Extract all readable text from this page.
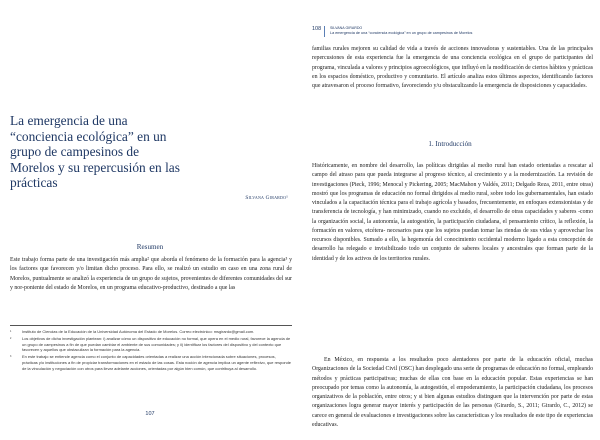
La emergencia de una “conciencia ecológica” en un grupo de campesinos de Morelos y su repercusión en las prácticas
Silvana Girardo¹
Resumen

Este trabajo forma parte de una investigación más amplia² que aborda el fenómeno de la formación para la agencia³ y los factores que favorecen y/o limitan dicho proceso. Para ello, se realizó un estudio en caso en una zona rural de Morelos, puntualmente se analizó la experiencia de un grupo de sujetos, provenientes de diferentes comunidades del sur y nor-poniente del estado de Morelos, en un programa educativo-productivo, destinado a que las

¹	Instituto de Ciencias de la Educación de la Universidad Autónoma del Estado de Morelos. Correo electrónico: msgirardo@gmail.com.
²	Los objetivos de dicha investigación plantean: i) analizar cómo un dispositivo de educación no formal, que opera en el medio rural, favorece la agencia de un grupo de campesinos a fin de que puedan cambiar el ambiente de sus comunidades; y ii) identificar los factores del dispositivo y del contexto que favorecen y aquellos que obstaculizan la formación para la agencia.
³	En este trabajo se entiende agencia como el conjunto de capacidades orientadas a realizar una acción intencionada sobre situaciones, procesos, prácticas y/o instituciones a fin de propiciar transformaciones en el estado de las cosas. Esta noción de agencia implica un agente reflexivo, que responde de la vinculación y negociación con otros para llevar adelante acciones, orientadas por algún bien común, que contribuya al desarrollo.
107
108 SILVANA GIRARDO
La emergencia de una “conciencia ecológica” en un grupo de campesinos de Morelos

familias rurales mejoren su calidad de vida a través de acciones innovadoras y sustentables. Una de las principales repercusiones de esta experiencia fue la emergencia de una conciencia ecológica en el grupo de participantes del programa, vinculada a valores y principios agroecológicos, que influyó en la modificación de ciertos hábitos y prácticas en los espacios doméstico, productivo y comunitario. El artículo analiza estos últimos aspectos, identificando factores que atravesaron el proceso formativo, favoreciendo y/u obstaculizando la emergencia de disposiciones y capacidades.

1. Introducción

Históricamente, en nombre del desarrollo, las políticas dirigidas al medio rural han estado orientadas a rescatar al campo del atraso para que pueda integrarse al progreso técnico, al crecimiento y a la modernización. La revisión de investigaciones (Pieck, 1996; Menocal y Pickering, 2005; MacMahon y Valdés, 2011; Delgado Reza, 2011, entre otras) mostró que los programas de educación no formal dirigidos al medio rural, sobre todo los gubernamentales, han estado vinculados a la capacitación técnica para el trabajo agrícola y basados, frecuentemente, en enfoques extensionistas y de transferencia de tecnología, y han minimizado, cuando no excluido, el desarrollo de otras capacidades y saberes -como la organización social, la autonomía, la autogestión, la participación ciudadana, el pensamiento crítico, la reflexión, la formación en valores, etcétera- necesarios para que los sujetos puedan tomar las riendas de sus vidas y aprovechar los recursos disponibles. Sumado a ello, la hegemonía del conocimiento occidental moderno ligado a esta concepción de desarrollo ha relegado e invisibilizado todo un conjunto de saberes locales y ancestrales que forman parte de la identidad y de los activos de los territorios rurales.

En México, en respuesta a los resultados poco alentadores por parte de la educación oficial, muchas Organizaciones de la Sociedad Civil (OSC) han desplegado una serie de programas de educación no formal, empleando métodos y prácticas participativas; muchas de ellas con base en la educación popular. Estas experiencias se han preocupado por temas como la autonomía, la autogestión, el empoderamiento, la participación ciudadana, los procesos organizativos de la población, entre otros; y si bien algunas estudios distinguen que la intervención por parte de estas organizaciones logra generar mayor interés y participación de las personas (Girardo, S., 2011; Girardo, C., 2012) se carece en general de evaluaciones e investigaciones sobre las características y los resultados de este tipo de experiencias educativas.
